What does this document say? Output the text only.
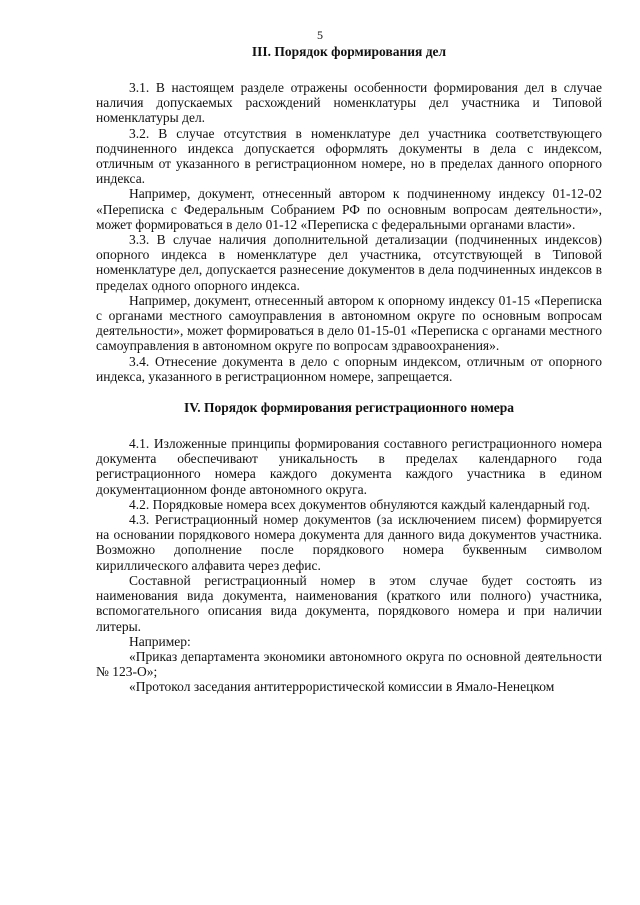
5
III. Порядок формирования дел

3.1. В настоящем разделе отражены особенности формирования дел в случае наличия допускаемых расхождений номенклатуры дел участника и Типовой номенклатуры дел.

3.2. В случае отсутствия в номенклатуре дел участника соответствующего подчиненного индекса допускается оформлять документы в дела с индексом, отличным от указанного в регистрационном номере, но в пределах данного опорного индекса.

Например, документ, отнесенный автором к подчиненному индексу 01-12-02 «Переписка с Федеральным Собранием РФ по основным вопросам деятельности», может формироваться в дело 01-12 «Переписка с федеральными органами власти».

3.3. В случае наличия дополнительной детализации (подчиненных индексов) опорного индекса в номенклатуре дел участника, отсутствующей в Типовой номенклатуре дел, допускается разнесение документов в дела подчиненных индексов в пределах одного опорного индекса.

Например, документ, отнесенный автором к опорному индексу 01-15 «Переписка с органами местного самоуправления в автономном округе по основным вопросам деятельности», может формироваться в дело 01-15-01 «Переписка с органами местного самоуправления в автономном округе по вопросам здравоохранения».

3.4. Отнесение документа в дело с опорным индексом, отличным от опорного индекса, указанного в регистрационном номере, запрещается.

IV. Порядок формирования регистрационного номера

4.1. Изложенные принципы формирования составного регистрационного номера документа обеспечивают уникальность в пределах календарного года регистрационного номера каждого документа каждого участника в едином документационном фонде автономного округа.

4.2. Порядковые номера всех документов обнуляются каждый календарный год.

4.3. Регистрационный номер документов (за исключением писем) формируется на основании порядкового номера документа для данного вида документов участника. Возможно дополнение после порядкового номера буквенным символом кириллического алфавита через дефис.

Составной регистрационный номер в этом случае будет состоять из наименования вида документа, наименования (краткого или полного) участника, вспомогательного описания вида документа, порядкового номера и при наличии литеры.

Например:

«Приказ департамента экономики автономного округа по основной деятельности № 123-О»;

«Протокол заседания антитеррористической комиссии в Ямало-Ненецком
